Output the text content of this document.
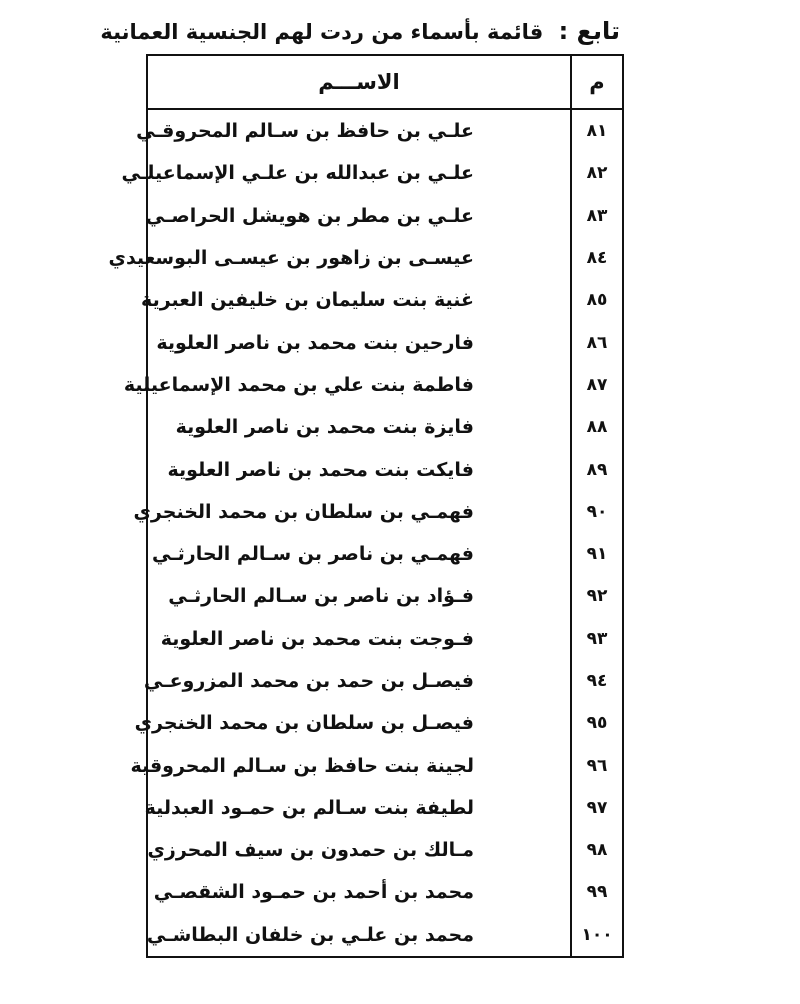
تابع : قائمة بأسماء من ردت لهم الجنسية العمانية
م
الاســـم
٨١
علـي بن حافظ بن سـالم المحروقـي
٨٢
علـي بن عبدالله بن علـي الإسماعيلـي
٨٣
علـي بن مطر بن هويشل الحراصـي
٨٤
عيسـى بن زاهور بن عيسـى البوسعيدي
٨٥
غنية بنت سليمان بن خليفين العبرية
٨٦
فارحين بنت محمد بن ناصر العلوية
٨٧
فاطمة بنت علي بن محمد الإسماعيلية
٨٨
فايزة بنت محمد بن ناصر العلوية
٨٩
فايكت بنت محمد بن ناصر العلوية
٩٠
فهمـي بن سلطان بن محمد الخنجري
٩١
فهمـي بن ناصر بن سـالم الحارثـي
٩٢
فـؤاد بن ناصر بن سـالم الحارثـي
٩٣
فـوجت بنت محمد بن ناصر العلوية
٩٤
فيصـل بن حمد بن محمد المزروعـي
٩٥
فيصـل بن سلطان بن محمد الخنجري
٩٦
لجينة بنت حافظ بن سـالم المحروقية
٩٧
لطيفة بنت سـالم بن حمـود العبدلية
٩٨
مـالك بن حمدون بن سيف المحرزي
٩٩
محمد بن أحمد بن حمـود الشقصـي
١٠٠
محمد بن علـي بن خلفان البطاشـي
